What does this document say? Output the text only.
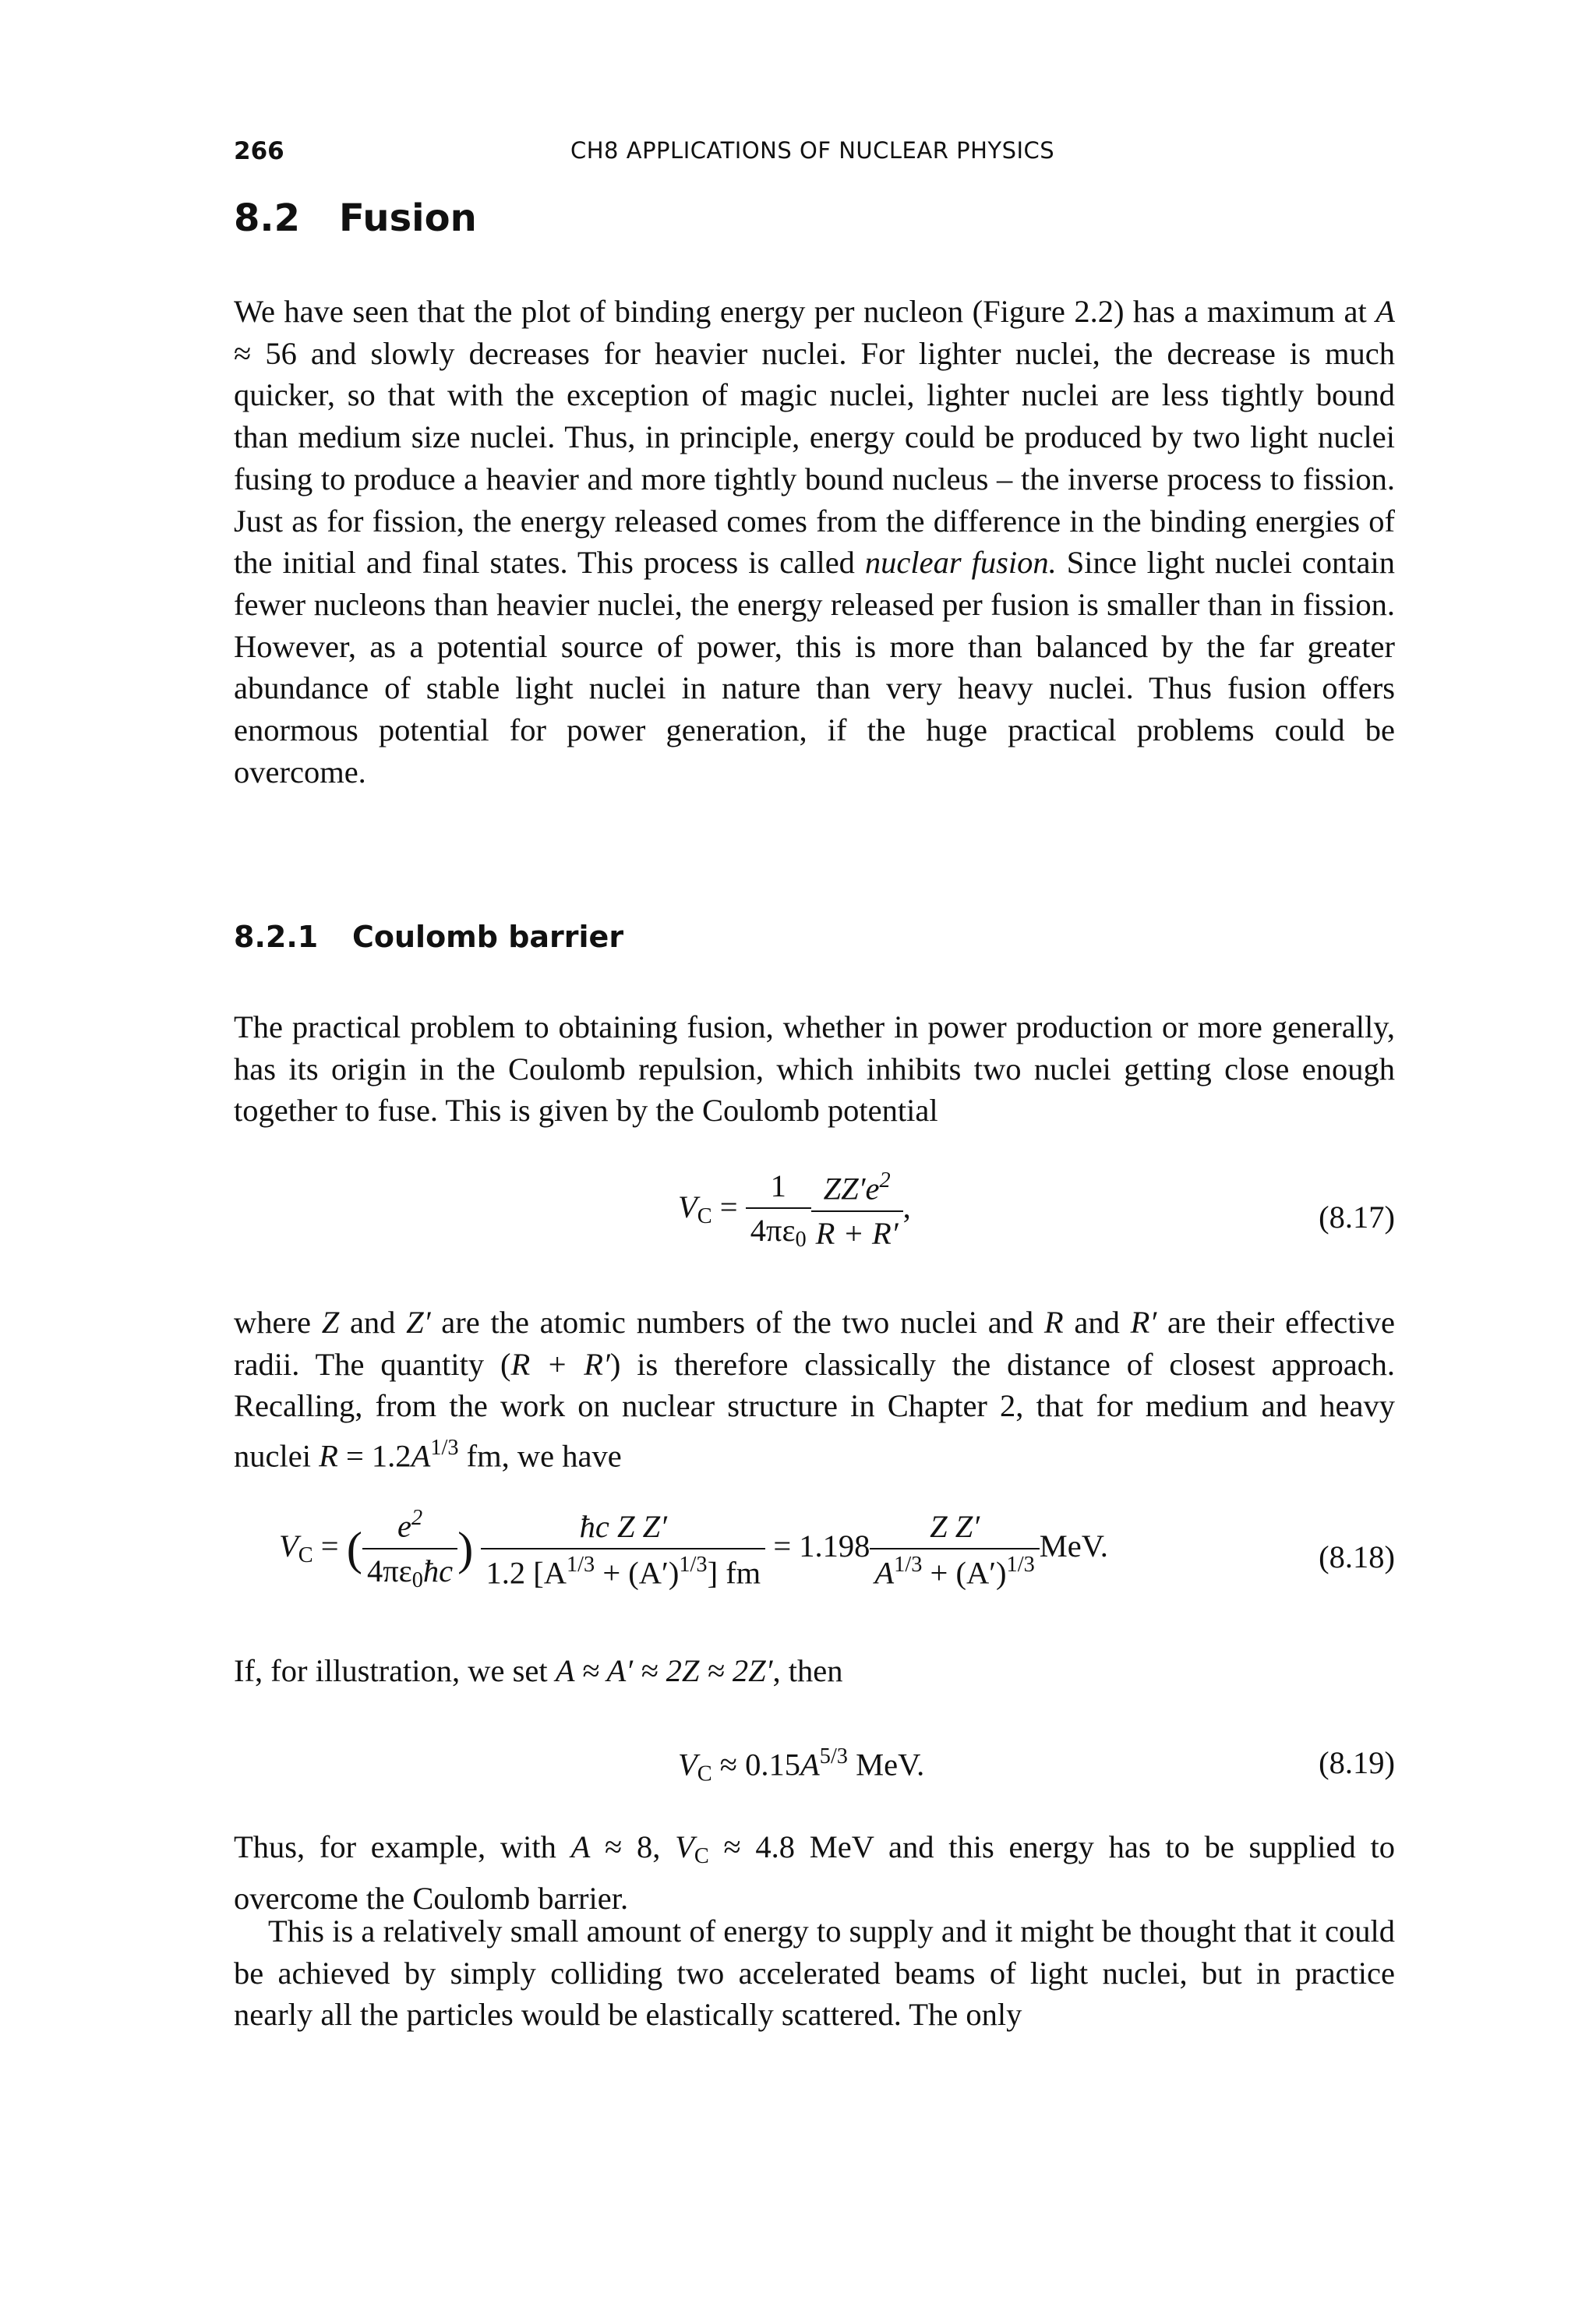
266	CH8 APPLICATIONS OF NUCLEAR PHYSICS
8.2 Fusion

We have seen that the plot of binding energy per nucleon (Figure 2.2) has a maximum at A ≈ 56 and slowly decreases for heavier nuclei. For lighter nuclei, the decrease is much quicker, so that with the exception of magic nuclei, lighter nuclei are less tightly bound than medium size nuclei. Thus, in principle, energy could be produced by two light nuclei fusing to produce a heavier and more tightly bound nucleus – the inverse process to fission. Just as for fission, the energy released comes from the difference in the binding energies of the initial and final states. This process is called nuclear fusion. Since light nuclei contain fewer nucleons than heavier nuclei, the energy released per fusion is smaller than in fission. However, as a potential source of power, this is more than balanced by the far greater abundance of stable light nuclei in nature than very heavy nuclei. Thus fusion offers enormous potential for power generation, if the huge practical problems could be overcome.

8.2.1 Coulomb barrier

The practical problem to obtaining fusion, whether in power production or more generally, has its origin in the Coulomb repulsion, which inhibits two nuclei getting close enough together to fuse. This is given by the Coulomb potential

$V_C = \frac{1}{4\pi\varepsilon_0} \frac{ZZ'e^2}{R + R'}$ ,	(8.17)

where Z and Z′ are the atomic numbers of the two nuclei and R and R′ are their effective radii. The quantity (R + R′) is therefore classically the distance of closest approach. Recalling, from the work on nuclear structure in Chapter 2, that for medium and heavy nuclei $R = 1.2A^{1/3}$ fm, we have

$V_C$ = ( $\frac{e^2}{4\pi\varepsilon_0ħc}$ ) $\frac{\text{ħc Z Z′}}{1.2 [A^{1/3} + (A')^{1/3}] fm} = 1.198 \frac{\text{Z Z′}}{A^{1/3} + (A')^{1/3}}$ MeV.	(8.18)

If, for illustration, we set A ≈ A′ ≈ 2Z ≈ 2Z′, then

$V_C \approx 0.15A^{5/3}$ MeV.	(8.19)

Thus, for example, with A ≈ 8, $V_C \approx 4.8$ MeV and this energy has to be supplied to overcome the Coulomb barrier.

This is a relatively small amount of energy to supply and it might be thought that it could be achieved by simply colliding two accelerated beams of light nuclei, but in practice nearly all the particles would be elastically scattered. The only
